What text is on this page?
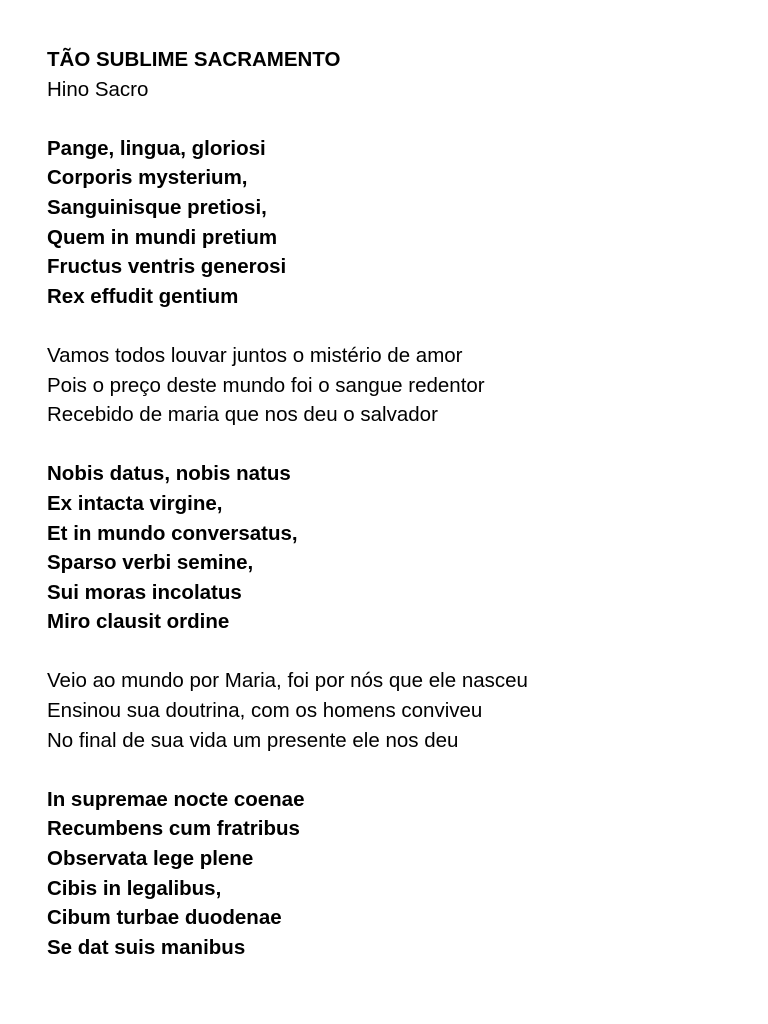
TÃO SUBLIME SACRAMENTO
Hino Sacro
Pange, lingua, gloriosi
Corporis mysterium,
Sanguinisque pretiosi,
Quem in mundi pretium
Fructus ventris generosi
Rex effudit gentium
Vamos todos louvar juntos o mistério de amor
Pois o preço deste mundo foi o sangue redentor
Recebido de maria que nos deu o salvador
Nobis datus, nobis natus
Ex intacta virgine,
Et in mundo conversatus,
Sparso verbi semine,
Sui moras incolatus
Miro clausit ordine
Veio ao mundo por Maria, foi por nós que ele nasceu
Ensinou sua doutrina, com os homens conviveu
No final de sua vida um presente ele nos deu
In supremae nocte coenae
Recumbens cum fratribus
Observata lege plene
Cibis in legalibus,
Cibum turbae duodenae
Se dat suis manibus
